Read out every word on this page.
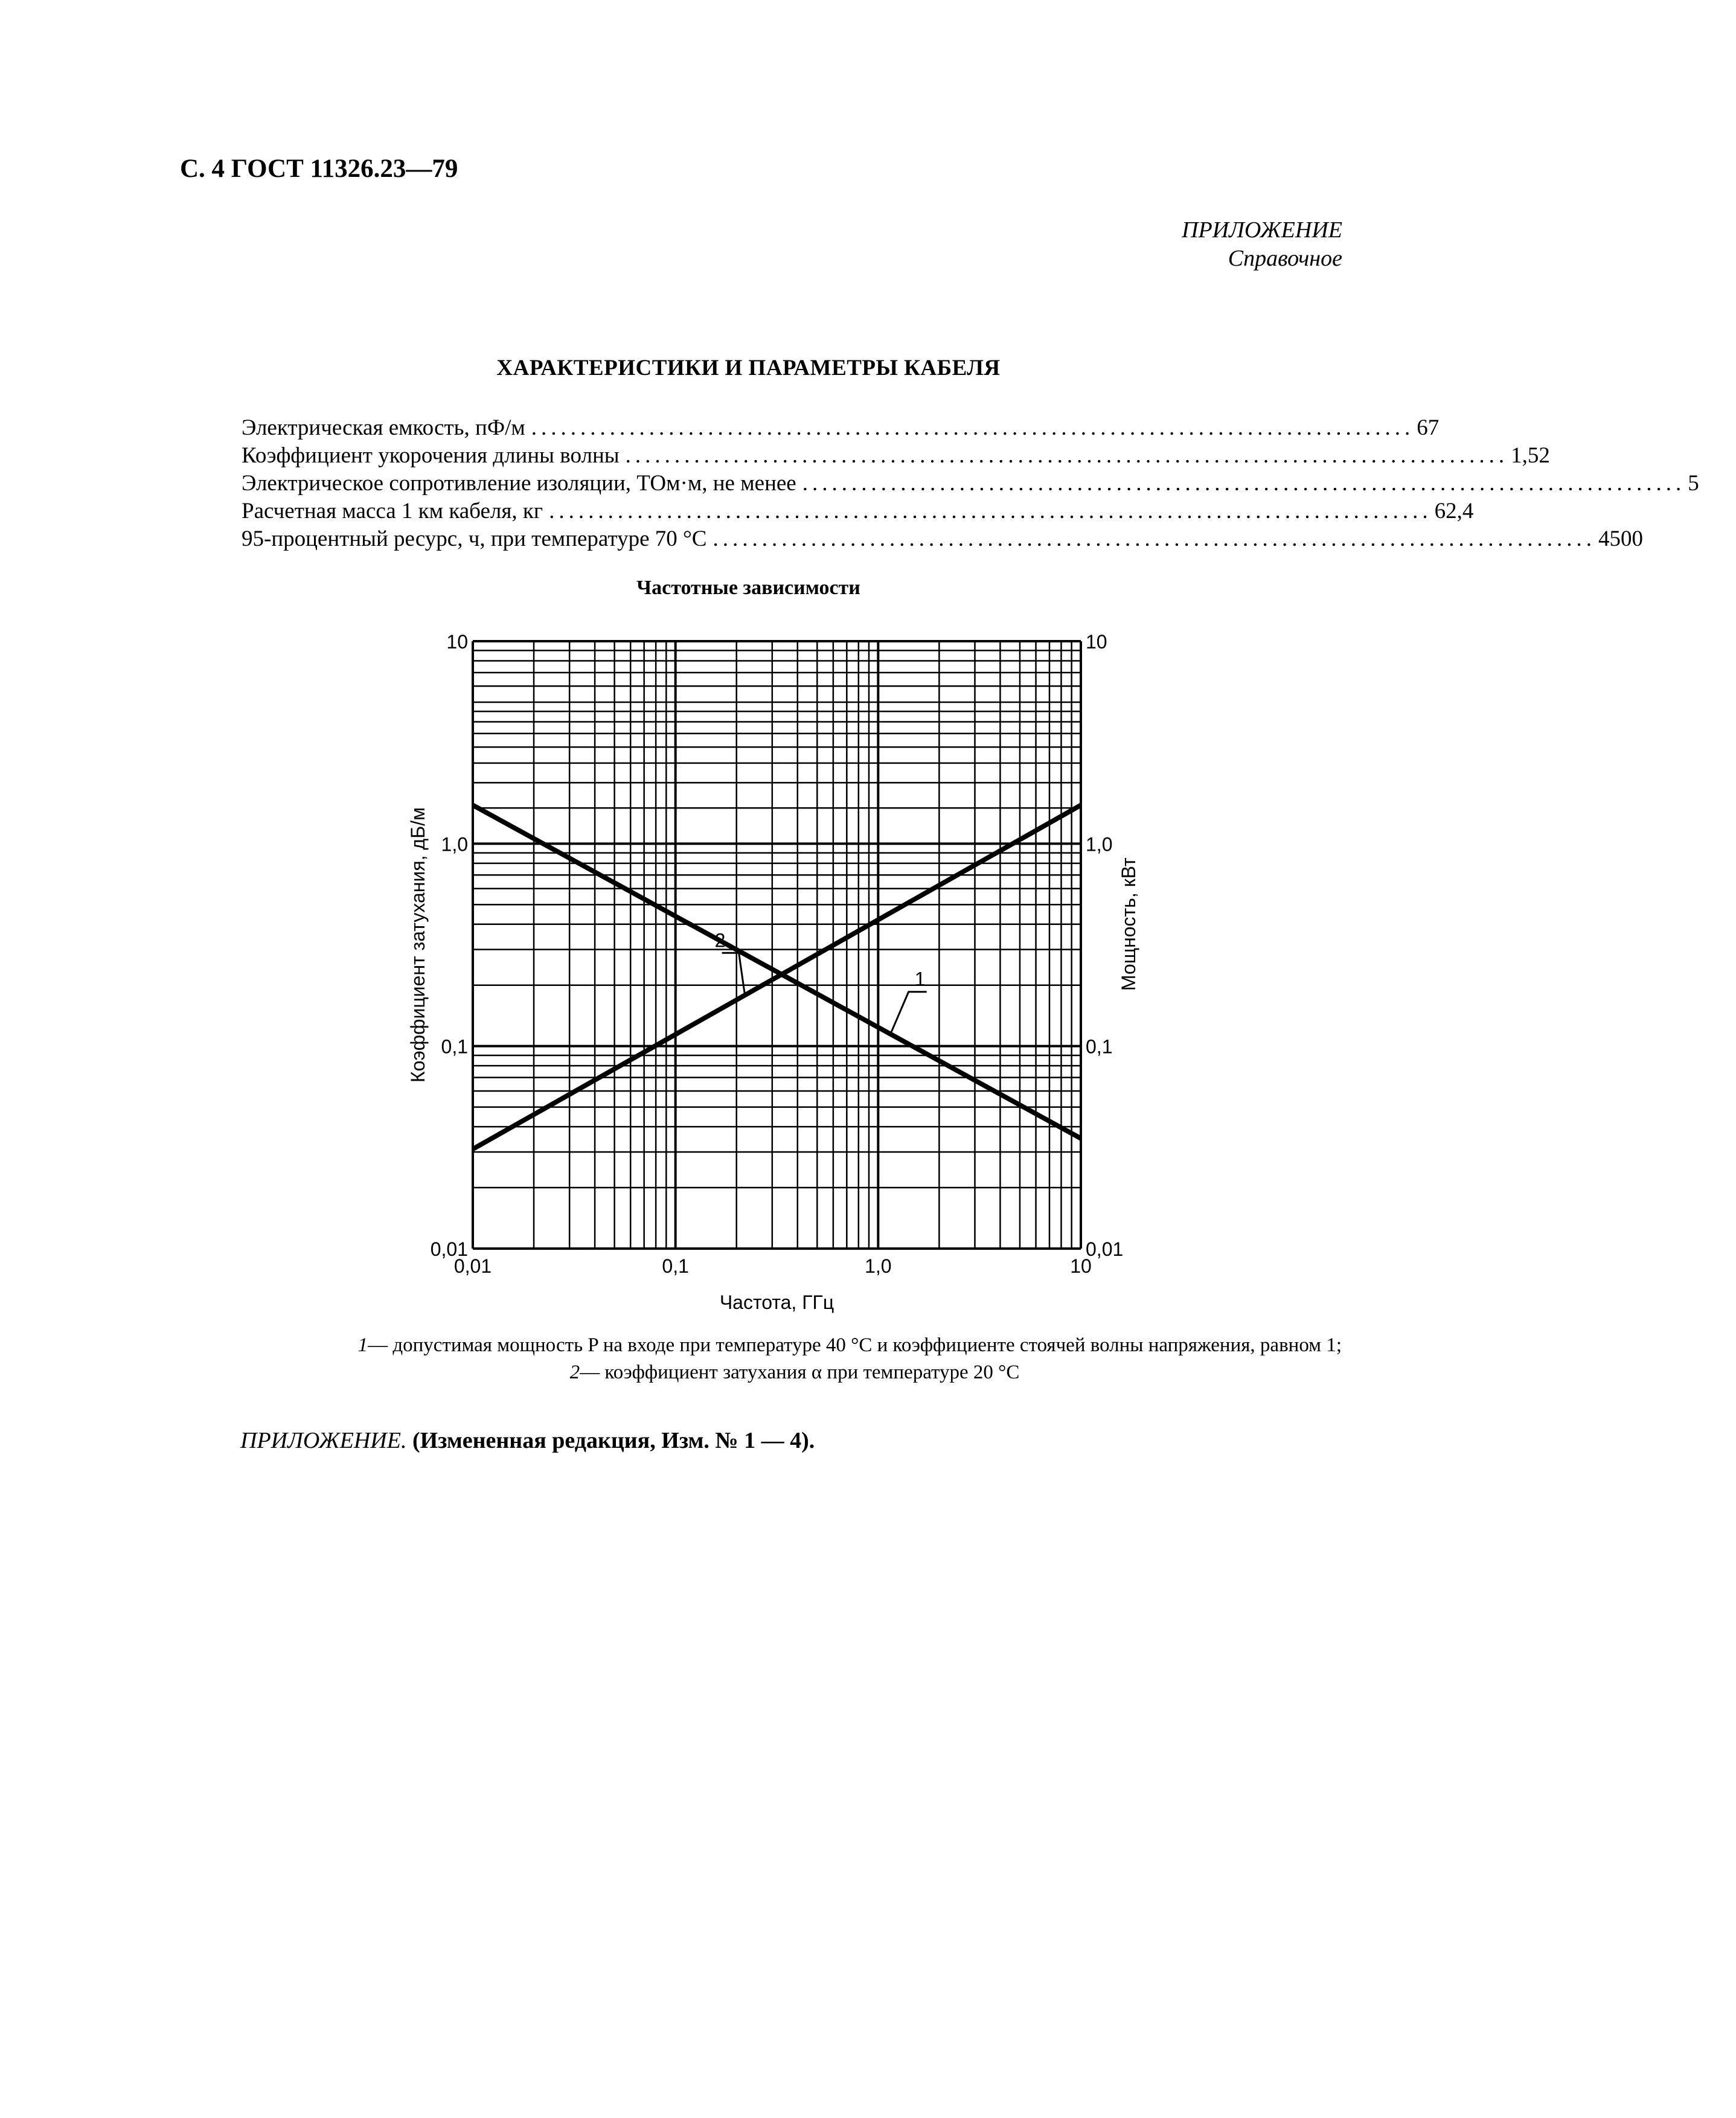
С. 4 ГОСТ 11326.23—79
ПРИЛОЖЕНИЕ
Справочное
ХАРАКТЕРИСТИКИ И ПАРАМЕТРЫ КАБЕЛЯ
Электрическая емкость, пФ/м .......................................................................................... 67
Коэффициент укорочения длины волны .......................................................................................... 1,52
Электрическое сопротивление изоляции, ТОм·м, не менее .......................................................................................... 5
Расчетная масса 1 км кабеля, кг .......................................................................................... 62,4
95-процентный ресурс, ч, при температуре 70 °С .......................................................................................... 4500
Частотные зависимости
2
1
Частота, ГГц
Коэффициент затухания, дБ/м	Мощность, кВт
0,01	0,1	1,0	10
0,01	0,01
0,1	0,1
1,0	1,0
10	10
1— допустимая мощность P на входе при температуре 40 °С и коэффициенте стоячей волны напряжения, равном 1;
2— коэффициент затухания α при температуре 20 °С
ПРИЛОЖЕНИЕ. (Измененная редакция, Изм. № 1 — 4).
